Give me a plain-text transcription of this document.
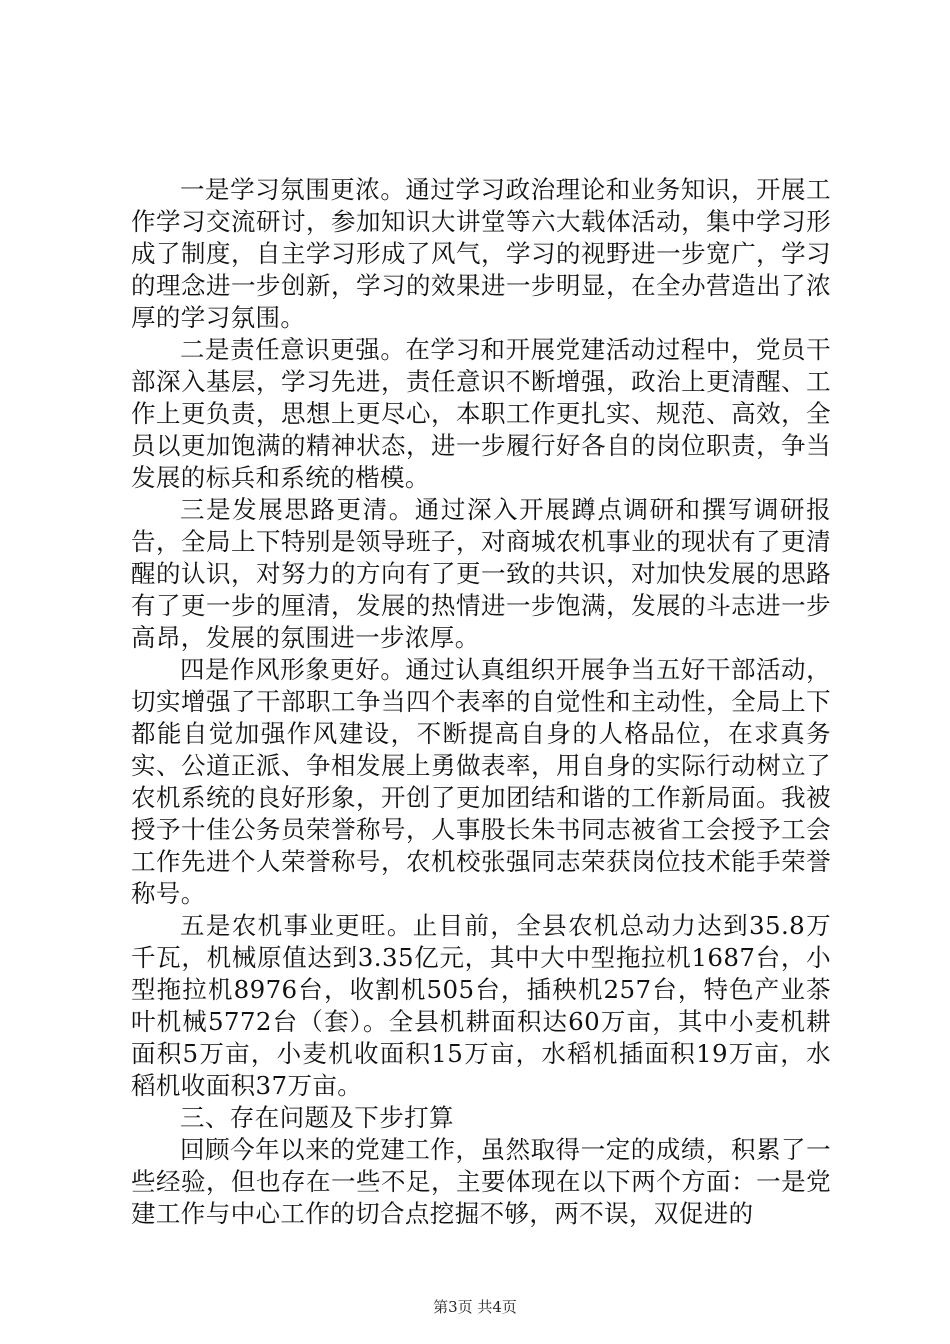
一是学习氛围更浓。通过学习政治理论和业务知识，开展工作学习交流研讨，参加知识大讲堂等六大载体活动，集中学习形成了制度，自主学习形成了风气，学习的视野进一步宽广，学习的理念进一步创新，学习的效果进一步明显，在全办营造出了浓厚的学习氛围。

二是责任意识更强。在学习和开展党建活动过程中，党员干部深入基层，学习先进，责任意识不断增强，政治上更清醒、工作上更负责，思想上更尽心，本职工作更扎实、规范、高效，全员以更加饱满的精神状态，进一步履行好各自的岗位职责，争当发展的标兵和系统的楷模。

三是发展思路更清。通过深入开展蹲点调研和撰写调研报告，全局上下特别是领导班子，对商城农机事业的现状有了更清醒的认识，对努力的方向有了更一致的共识，对加快发展的思路有了更一步的厘清，发展的热情进一步饱满，发展的斗志进一步高昂，发展的氛围进一步浓厚。

四是作风形象更好。通过认真组织开展争当五好干部活动，切实增强了干部职工争当四个表率的自觉性和主动性，全局上下都能自觉加强作风建设，不断提高自身的人格品位，在求真务实、公道正派、争相发展上勇做表率，用自身的实际行动树立了农机系统的良好形象，开创了更加团结和谐的工作新局面。我被授予十佳公务员荣誉称号，人事股长朱书同志被省工会授予工会工作先进个人荣誉称号，农机校张强同志荣获岗位技术能手荣誉称号。

五是农机事业更旺。止目前，全县农机总动力达到35.8万千瓦，机械原值达到3.35亿元，其中大中型拖拉机1687台，小型拖拉机8976台，收割机505台，插秧机257台，特色产业茶叶机械5772台（套）。全县机耕面积达60万亩，其中小麦机耕面积5万亩，小麦机收面积15万亩，水稻机插面积19万亩，水稻机收面积37万亩。

三、存在问题及下步打算

回顾今年以来的党建工作，虽然取得一定的成绩，积累了一些经验，但也存在一些不足，主要体现在以下两个方面：一是党建工作与中心工作的切合点挖掘不够，两不误，双促进的

第3页 共4页
